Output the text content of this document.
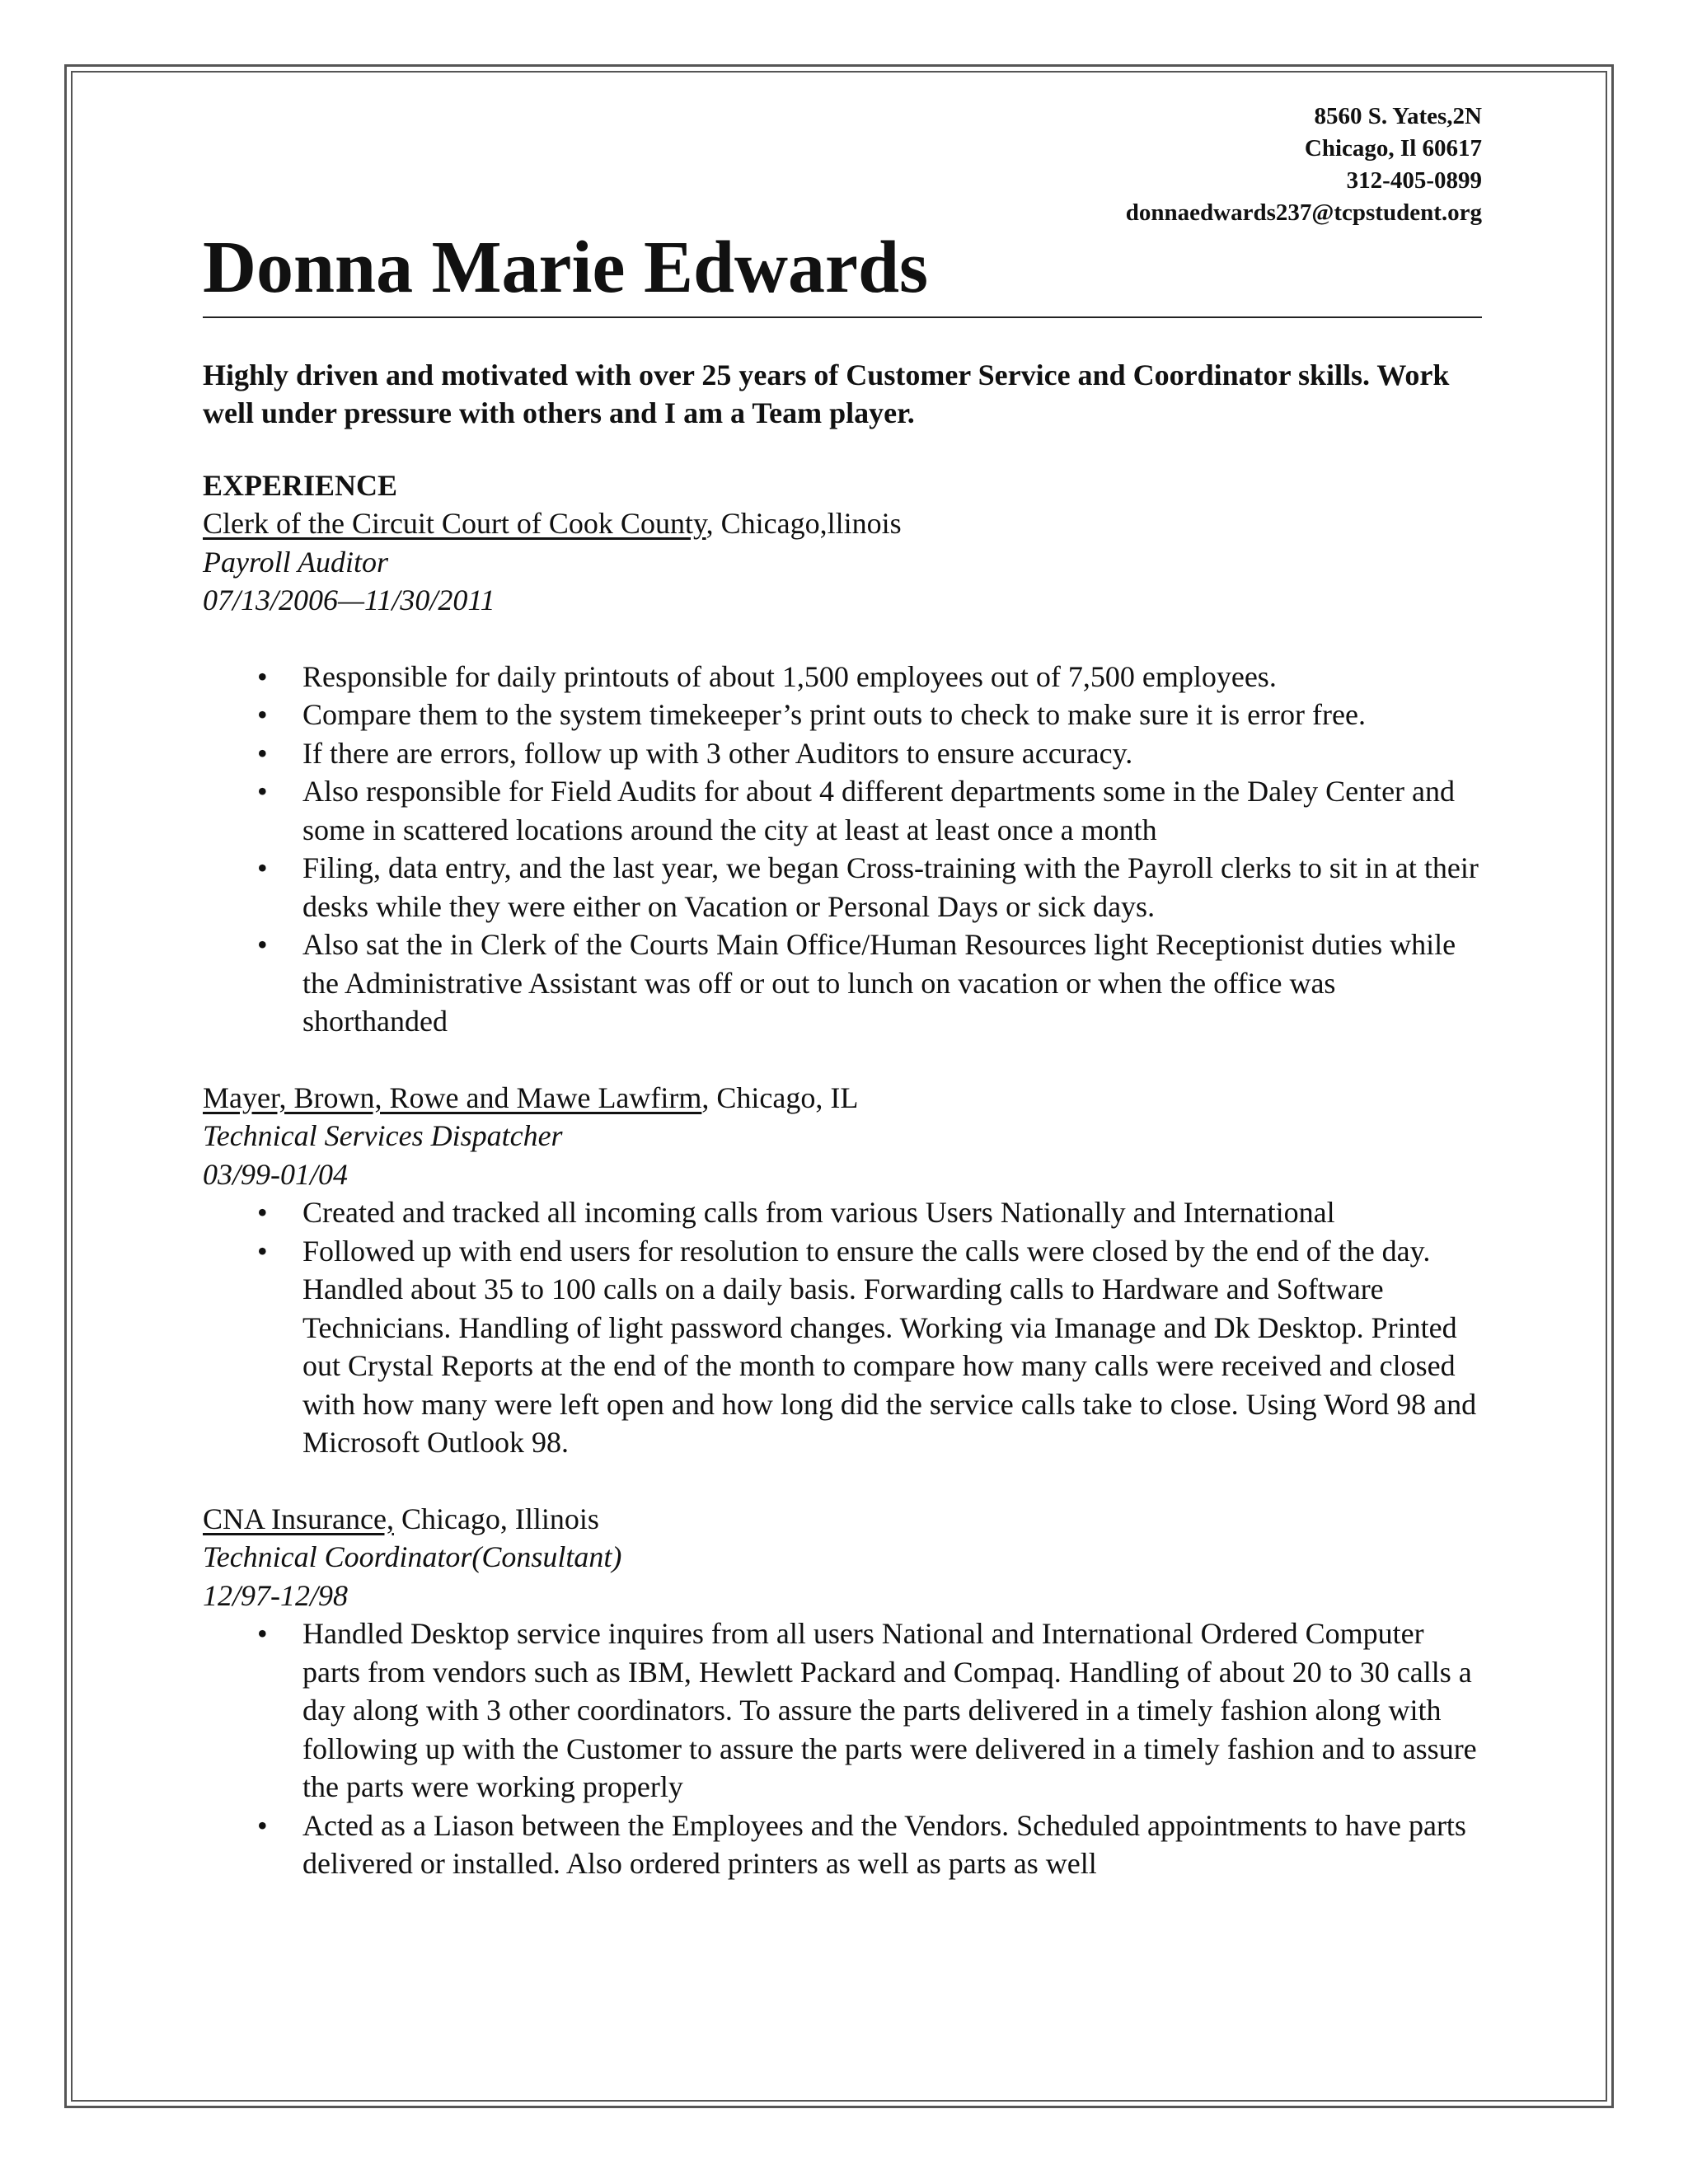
8560 S. Yates,2N
Chicago, Il 60617
312-405-0899
donnaedwards237@tcpstudent.org
Donna Marie Edwards
Highly driven and motivated with over 25 years of Customer Service and Coordinator skills. Work well under pressure with others and I am a Team player.
EXPERIENCE
Clerk of the Circuit Court of Cook County, Chicago,llinois
Payroll Auditor
07/13/2006—11/30/2011
• Responsible for daily printouts of about 1,500 employees out of 7,500 employees.
• Compare them to the system timekeeper’s print outs to check to make sure it is error free.
• If there are errors, follow up with 3 other Auditors to ensure accuracy.
• Also responsible for Field Audits for about 4 different departments some in the Daley Center and some in scattered locations around the city at least at least once a month
• Filing, data entry, and the last year, we began Cross-training with the Payroll clerks to sit in at their desks while they were either on Vacation or Personal Days or sick days.
• Also sat the in Clerk of the Courts Main Office/Human Resources light Receptionist duties while the Administrative Assistant was off or out to lunch on vacation or when the office was shorthanded
Mayer, Brown, Rowe and Mawe Lawfirm, Chicago, IL
Technical Services Dispatcher
03/99-01/04
• Created and tracked all incoming calls from various Users Nationally and International
• Followed up with end users for resolution to ensure the calls were closed by the end of the day. Handled about 35 to 100 calls on a daily basis. Forwarding calls to Hardware and Software Technicians. Handling of light password changes. Working via Imanage and Dk Desktop. Printed out Crystal Reports at the end of the month to compare how many calls were received and closed with how many were left open and how long did the service calls take to close. Using Word 98 and Microsoft Outlook 98.
CNA Insurance, Chicago, Illinois
Technical Coordinator(Consultant)
12/97-12/98
• Handled Desktop service inquires from all users National and International Ordered Computer parts from vendors such as IBM, Hewlett Packard and Compaq. Handling of about 20 to 30 calls a day along with 3 other coordinators. To assure the parts delivered in a timely fashion along with following up with the Customer to assure the parts were delivered in a timely fashion and to assure the parts were working properly
• Acted as a Liason between the Employees and the Vendors. Scheduled appointments to have parts delivered or installed. Also ordered printers as well as parts as well
